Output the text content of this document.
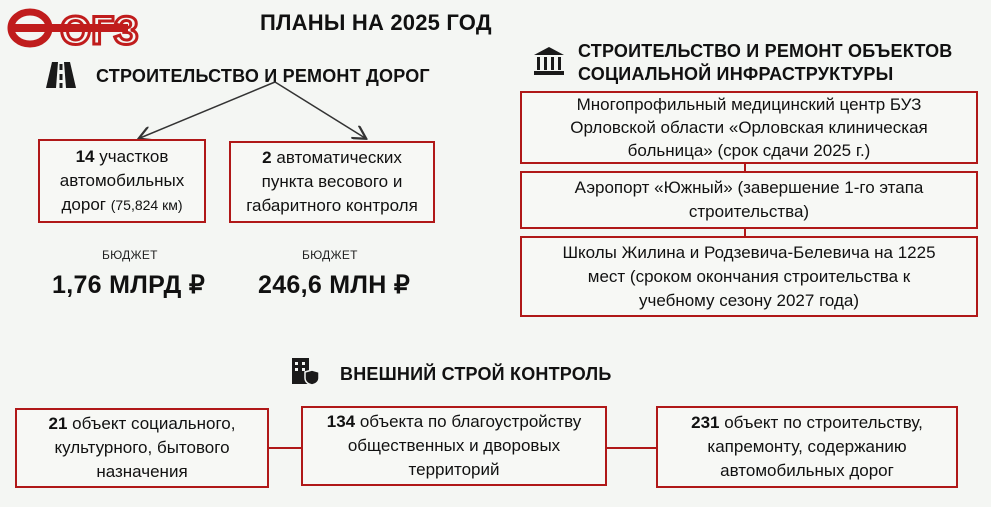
ОГЗ	ПЛАНЫ НА 2025 ГОД
СТРОИТЕЛЬСТВО И РЕМОНТ ДОРОГ
14 участков
автомобильных
дорог (75,824 км)
2 автоматических
пункта весового и
габаритного контроля
БЮДЖЕТ
1,76 МЛРД ₽
БЮДЖЕТ
246,6 МЛН ₽
СТРОИТЕЛЬСТВО И РЕМОНТ ОБЪЕКТОВ
СОЦИАЛЬНОЙ ИНФРАСТРУКТУРЫ
Многопрофильный медицинский центр БУЗ
Орловской области «Орловская клиническая
больница» (срок сдачи 2025 г.)
Аэропорт «Южный» (завершение 1-го этапа
строительства)
Школы Жилина и Родзевича-Белевича на 1225
мест (сроком окончания строительства к
учебному сезону 2027 года)
ВНЕШНИЙ СТРОЙ КОНТРОЛЬ
21 объект социального,
культурного, бытового
назначения
134 объекта по благоустройству
общественных и дворовых
территорий
231 объект по строительству,
капремонту, содержанию
автомобильных дорог
